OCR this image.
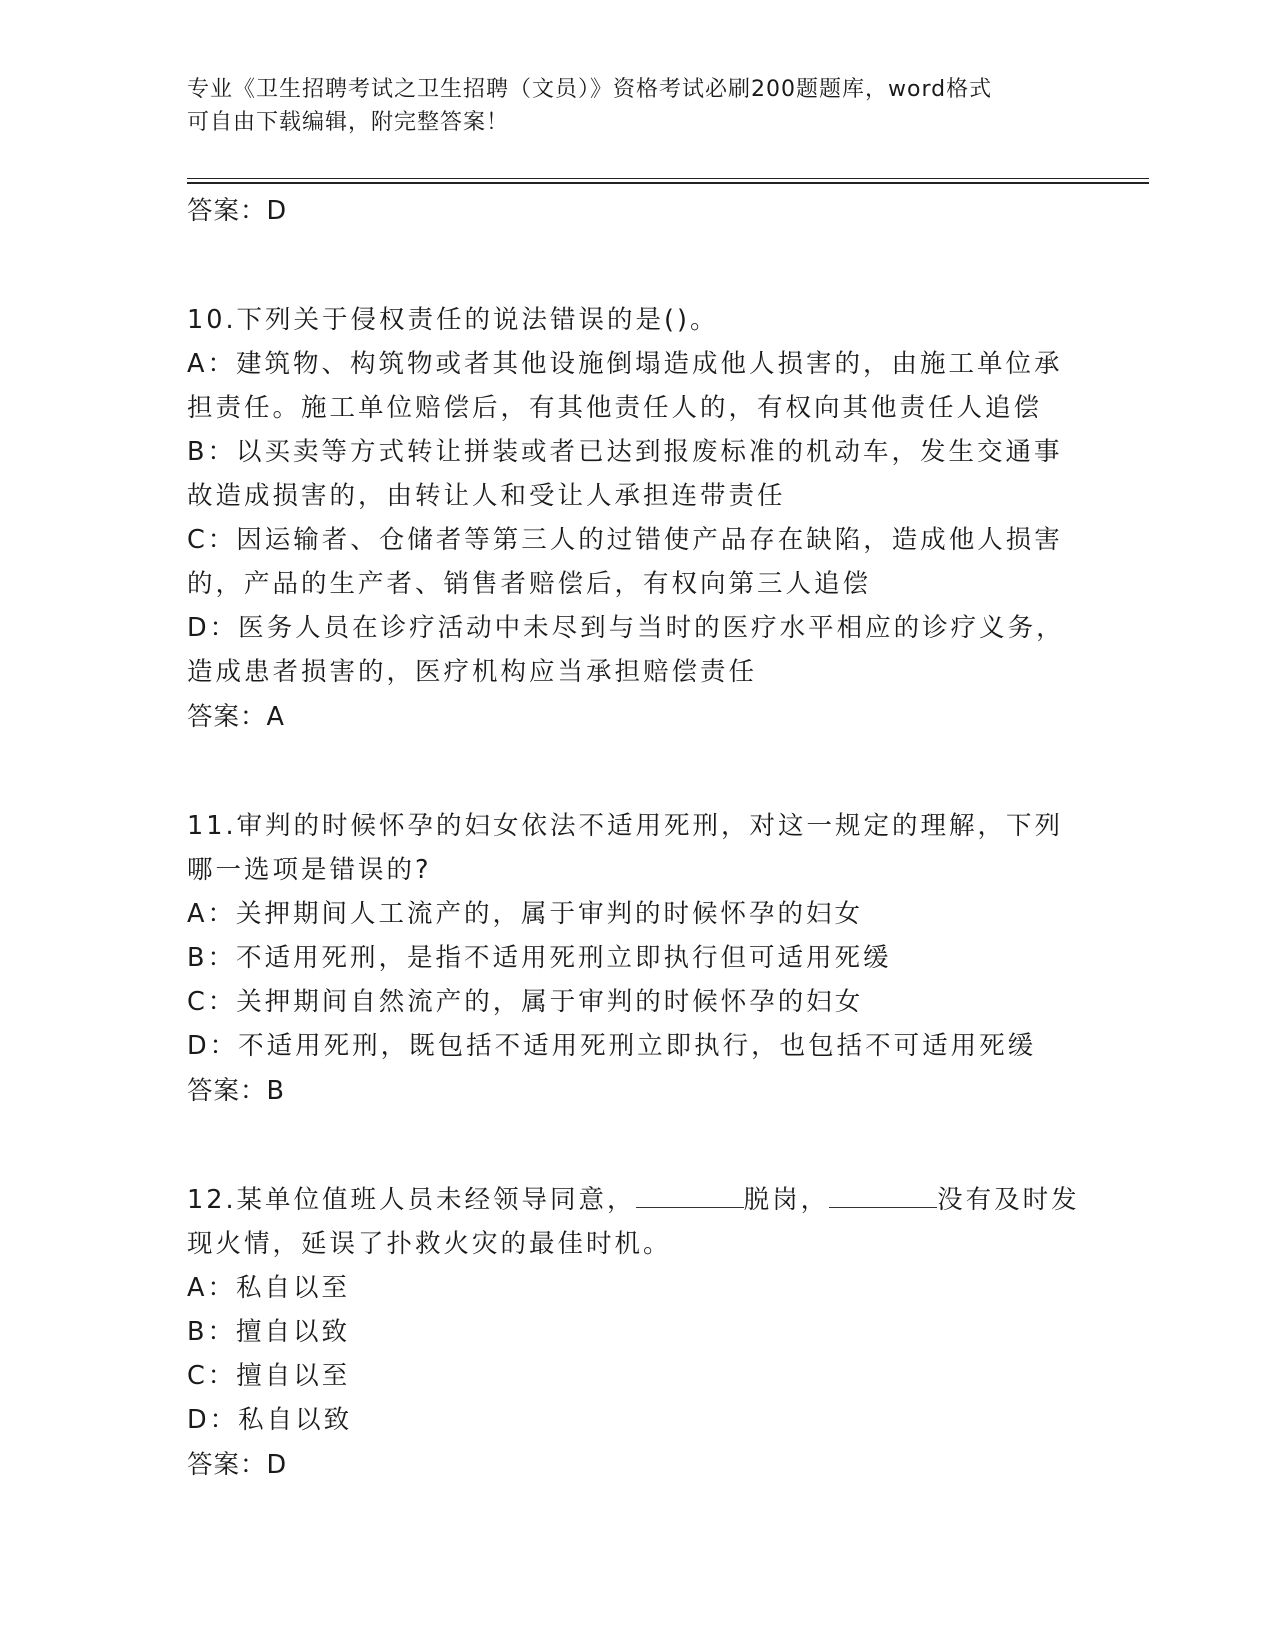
专业《卫生招聘考试之卫生招聘（文员）》资格考试必刷200题题库，word格式
可自由下载编辑，附完整答案！
答案：D
10.下列关于侵权责任的说法错误的是()。
A：建筑物、构筑物或者其他设施倒塌造成他人损害的，由施工单位承担责任。施工单位赔偿后，有其他责任人的，有权向其他责任人追偿
B：以买卖等方式转让拼装或者已达到报废标准的机动车，发生交通事故造成损害的，由转让人和受让人承担连带责任
C：因运输者、仓储者等第三人的过错使产品存在缺陷，造成他人损害的，产品的生产者、销售者赔偿后，有权向第三人追偿
D：医务人员在诊疗活动中未尽到与当时的医疗水平相应的诊疗义务，造成患者损害的，医疗机构应当承担赔偿责任
答案：A
11.审判的时候怀孕的妇女依法不适用死刑，对这一规定的理解，下列哪一选项是错误的?
A：关押期间人工流产的，属于审判的时候怀孕的妇女
B：不适用死刑，是指不适用死刑立即执行但可适用死缓
C：关押期间自然流产的，属于审判的时候怀孕的妇女
D：不适用死刑，既包括不适用死刑立即执行，也包括不可适用死缓
答案：B
12.某单位值班人员未经领导同意，	脱岗，	没有及时发现火情，延误了扑救火灾的最佳时机。
A：私自以至
B：擅自以致
C：擅自以至
D：私自以致
答案：D
